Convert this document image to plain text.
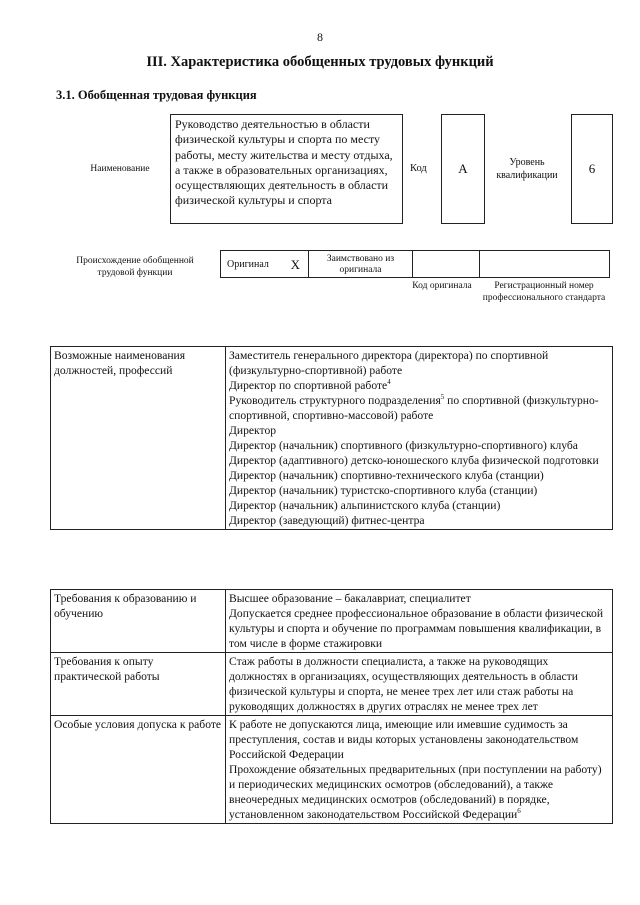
8
III. Характеристика обобщенных трудовых функций
3.1. Обобщенная трудовая функция
Наименование
Руководство деятельностью в области физической культуры и спорта по месту работы, месту жительства и месту отдыха, а также в образовательных организациях, осуществляющих деятельность в области физической культуры и спорта
Код	А	Уровень квалификации	6
Происхождение обобщенной трудовой функции
Оригинал X	Заимствовано из оригинала
Код оригинала	Регистрационный номер профессионального стандарта
Возможные наименования должностей, профессий	
Заместитель генерального директора (директора) по спортивной (физкультурно-спортивной) работе
Директор по спортивной работе$^4$
Руководитель структурного подразделения$^5$ по спортивной (физкультурно-спортивной, спортивно-массовой) работе
Директор
Директор (начальник) спортивного (физкультурно-спортивного) клуба
Директор (адаптивного) детско-юношеского клуба физической подготовки
Директор (начальник) спортивно-технического клуба (станции)
Директор (начальник) туристско-спортивного клуба (станции)
Директор (начальник) альпинистского клуба (станции)
Директор (заведующий) фитнес-центра
Требования к образованию и обучению	Высшее образование – бакалавриат, специалитет
Допускается среднее профессиональное образование в области физической культуры и спорта и обучение по программам повышения квалификации, в том числе в форме стажировки

Требования к опыту практической работы	Стаж работы в должности специалиста, а также на руководящих должностях в организациях, осуществляющих деятельность в области физической культуры и спорта, не менее трех лет или стаж работы на руководящих должностях в других отраслях не менее трех лет

Особые условия допуска к работе	К работе не допускаются лица, имеющие или имевшие судимость за преступления, состав и виды которых установлены законодательством Российской Федерации
Прохождение обязательных предварительных (при поступлении на работу) и периодических медицинских осмотров (обследований), а также внеочередных медицинских осмотров (обследований) в порядке, установленном законодательством Российской Федерации$^6$
